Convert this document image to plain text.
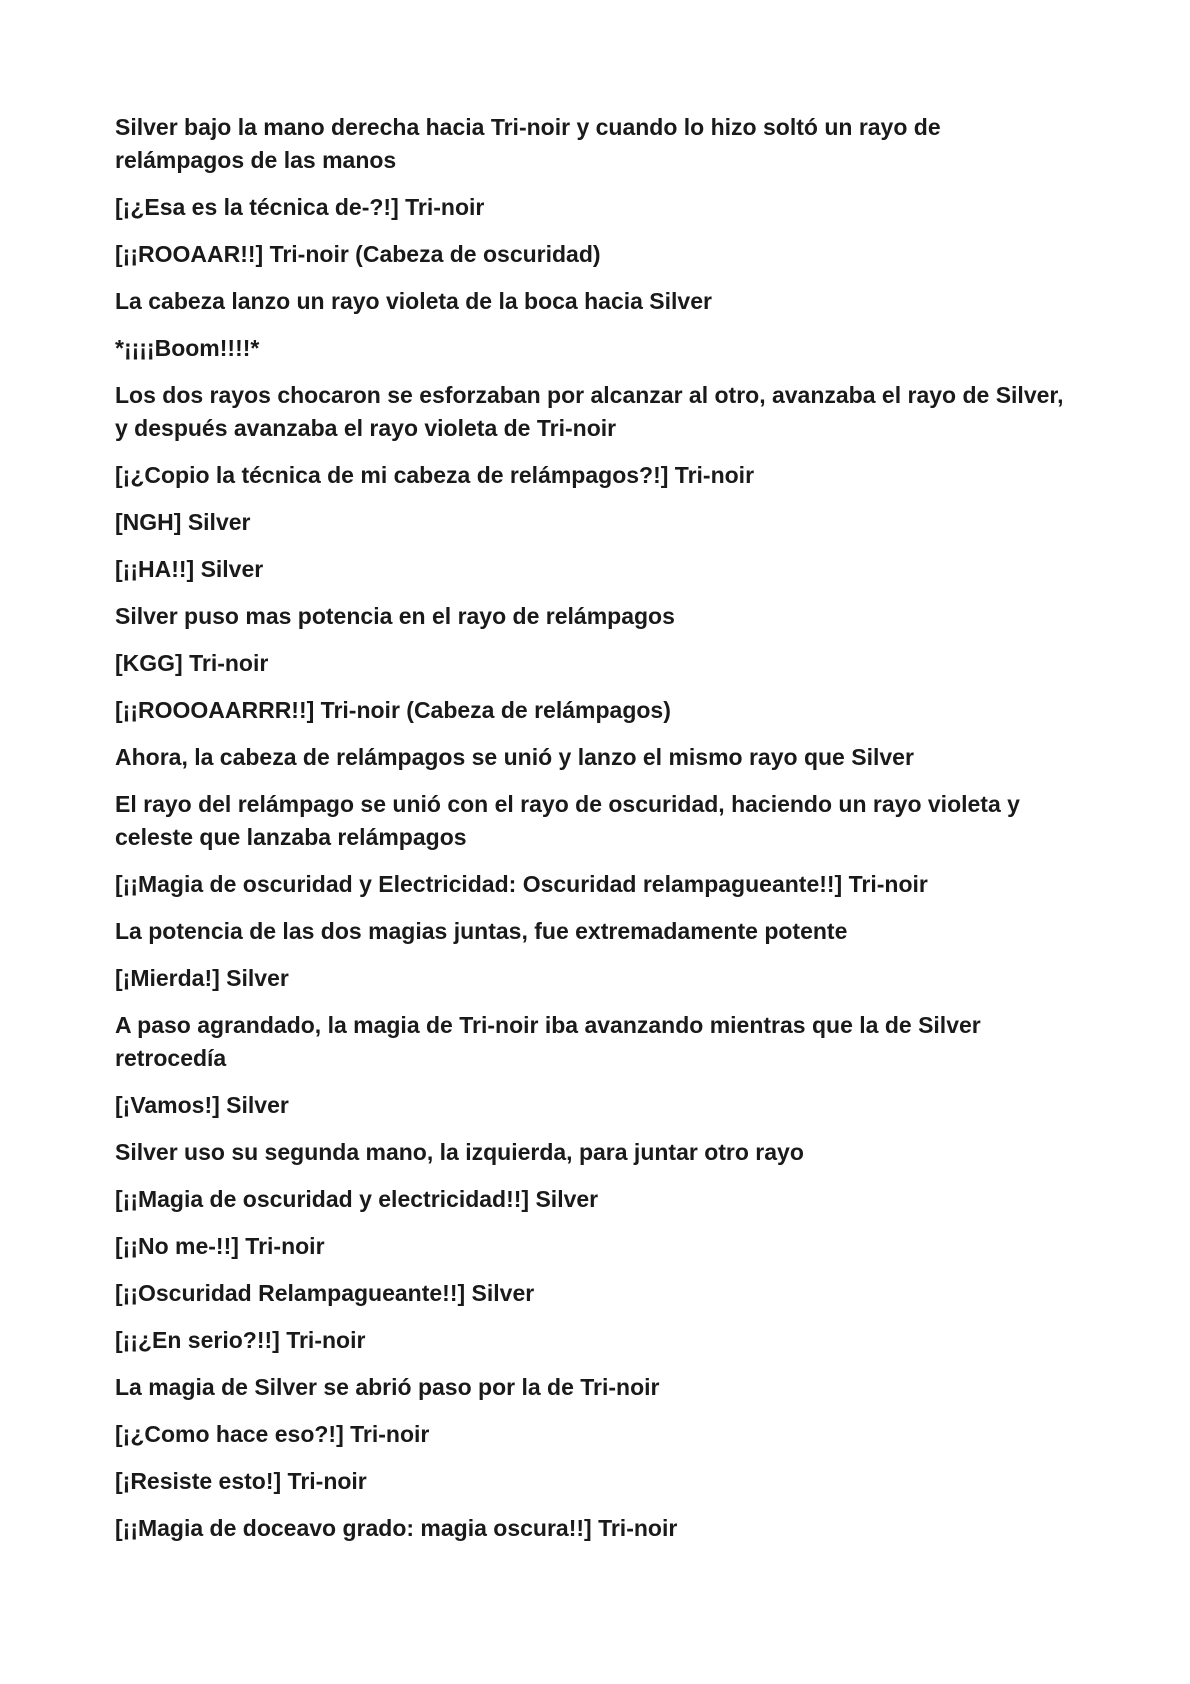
Silver bajo la mano derecha hacia Tri-noir y cuando lo hizo soltó un rayo de relámpagos de las manos

[¡¿Esa es la técnica de-?!] Tri-noir

[¡¡ROOAAR!!] Tri-noir (Cabeza de oscuridad)

La cabeza lanzo un rayo violeta de la boca hacia Silver

*¡¡¡¡Boom!!!!*

Los dos rayos chocaron se esforzaban por alcanzar al otro, avanzaba el rayo de Silver, y después avanzaba el rayo violeta de Tri-noir

[¡¿Copio la técnica de mi cabeza de relámpagos?!] Tri-noir

[NGH] Silver

[¡¡HA!!] Silver

Silver puso mas potencia en el rayo de relámpagos

[KGG] Tri-noir

[¡¡ROOOAARRR!!] Tri-noir (Cabeza de relámpagos)

Ahora, la cabeza de relámpagos se unió y lanzo el mismo rayo que Silver

El rayo del relámpago se unió con el rayo de oscuridad, haciendo un rayo violeta y celeste que lanzaba relámpagos

[¡¡Magia de oscuridad y Electricidad: Oscuridad relampagueante!!] Tri-noir

La potencia de las dos magias juntas, fue extremadamente potente

[¡Mierda!] Silver

A paso agrandado, la magia de Tri-noir iba avanzando mientras que la de Silver retrocedía

[¡Vamos!] Silver

Silver uso su segunda mano, la izquierda, para juntar otro rayo

[¡¡Magia de oscuridad y electricidad!!] Silver

[¡¡No me-!!] Tri-noir

[¡¡Oscuridad Relampagueante!!] Silver

[¡¡¿En serio?!!] Tri-noir

La magia de Silver se abrió paso por la de Tri-noir

[¡¿Como hace eso?!] Tri-noir

[¡Resiste esto!] Tri-noir

[¡¡Magia de doceavo grado: magia oscura!!] Tri-noir
